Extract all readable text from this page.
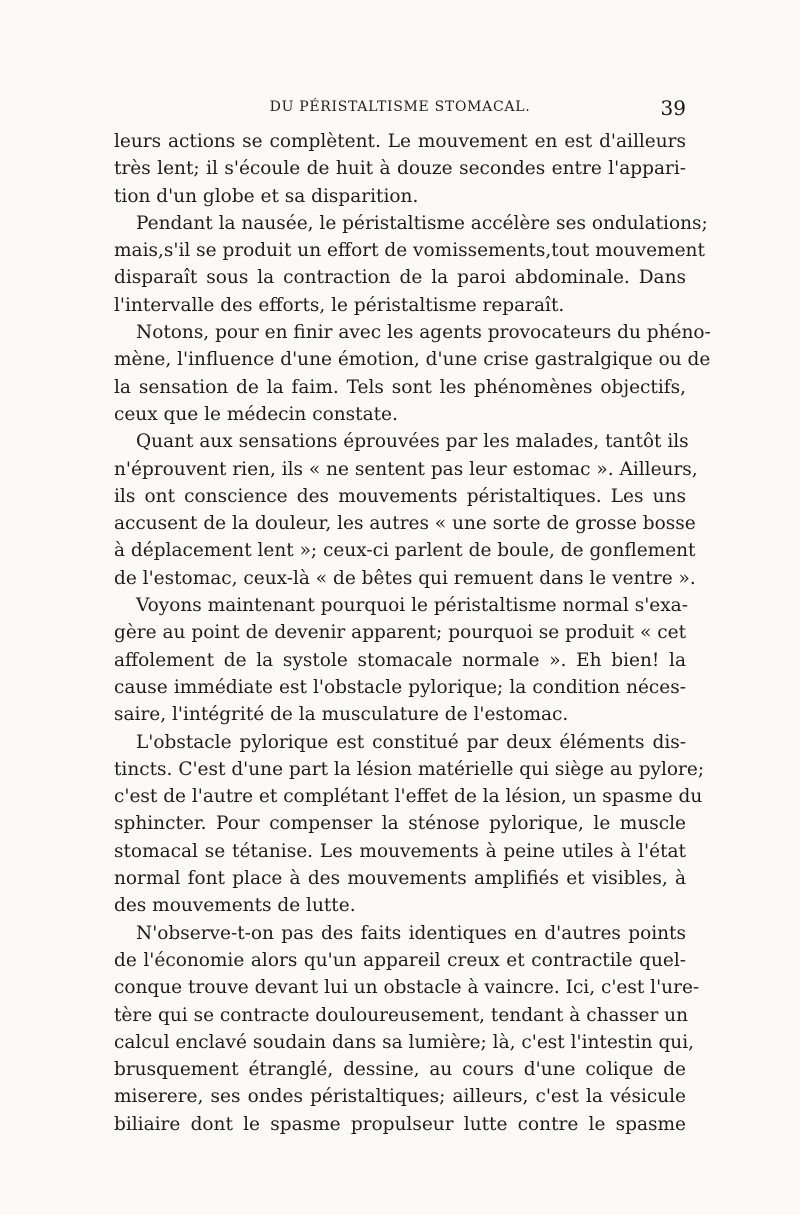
DU PÉRISTALTISME STOMACAL.	39
leurs actions se complètent. Le mouvement en est d'ailleurs
très lent; il s'écoule de huit à douze secondes entre l'appari-
tion d'un globe et sa disparition.
Pendant la nausée, le péristaltisme accélère ses ondulations;
mais,s'il se produit un effort de vomissements,tout mouvement
disparaît sous la contraction de la paroi abdominale. Dans
l'intervalle des efforts, le péristaltisme reparaît.
Notons, pour en finir avec les agents provocateurs du phéno-
mène, l'influence d'une émotion, d'une crise gastralgique ou de
la sensation de la faim. Tels sont les phénomènes objectifs,
ceux que le médecin constate.
Quant aux sensations éprouvées par les malades, tantôt ils
n'éprouvent rien, ils « ne sentent pas leur estomac ». Ailleurs,
ils ont conscience des mouvements péristaltiques. Les uns
accusent de la douleur, les autres « une sorte de grosse bosse
à déplacement lent »; ceux-ci parlent de boule, de gonflement
de l'estomac, ceux-là « de bêtes qui remuent dans le ventre ».
Voyons maintenant pourquoi le péristaltisme normal s'exa-
gère au point de devenir apparent; pourquoi se produit « cet
affolement de la systole stomacale normale ». Eh bien! la
cause immédiate est l'obstacle pylorique; la condition néces-
saire, l'intégrité de la musculature de l'estomac.
L'obstacle pylorique est constitué par deux éléments dis-
tincts. C'est d'une part la lésion matérielle qui siège au pylore;
c'est de l'autre et complétant l'effet de la lésion, un spasme du
sphincter. Pour compenser la sténose pylorique, le muscle
stomacal se tétanise. Les mouvements à peine utiles à l'état
normal font place à des mouvements amplifiés et visibles, à
des mouvements de lutte.
N'observe-t-on pas des faits identiques en d'autres points
de l'économie alors qu'un appareil creux et contractile quel-
conque trouve devant lui un obstacle à vaincre. Ici, c'est l'ure-
tère qui se contracte douloureusement, tendant à chasser un
calcul enclavé soudain dans sa lumière; là, c'est l'intestin qui,
brusquement étranglé, dessine, au cours d'une colique de
miserere, ses ondes péristaltiques; ailleurs, c'est la vésicule
biliaire dont le spasme propulseur lutte contre le spasme
